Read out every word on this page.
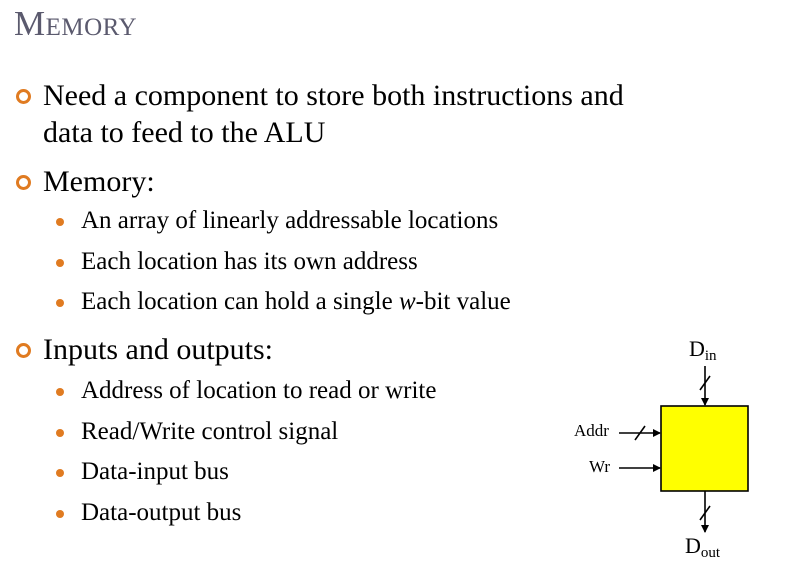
Memory
Need a component to store both instructions and
data to feed to the ALU
Memory:
An array of linearly addressable locations
Each location has its own address
Each location can hold a single w-bit value
Inputs and outputs:
Address of location to read or write
Read/Write control signal
Data-input bus
Data-output bus
$D_{in}$
Addr
Wr
$D_{out}$
